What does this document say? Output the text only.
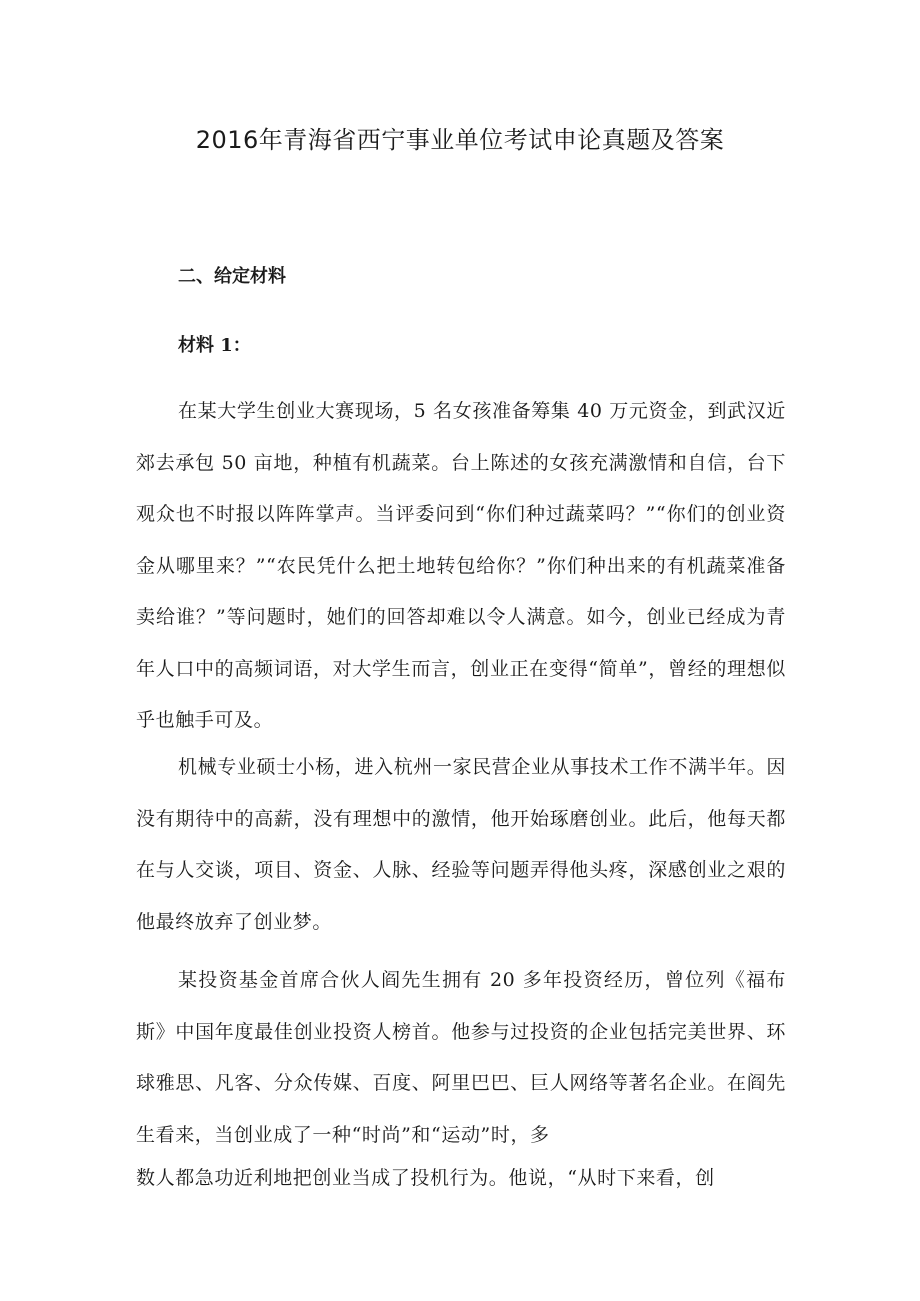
2016年青海省西宁事业单位考试申论真题及答案

二、给定材料

材料 1：

在某大学生创业大赛现场，5 名女孩准备筹集 40 万元资金，到武汉近郊去承包 50 亩地，种植有机蔬菜。台上陈述的女孩充满激情和自信，台下观众也不时报以阵阵掌声。当评委问到“你们种过蔬菜吗？”“你们的创业资金从哪里来？”“农民凭什么把土地转包给你？”你们种出来的有机蔬菜准备卖给谁？”等问题时，她们的回答却难以令人满意。如今，创业已经成为青年人口中的高频词语，对大学生而言，创业正在变得“简单”，曾经的理想似乎也触手可及。

机械专业硕士小杨，进入杭州一家民营企业从事技术工作不满半年。因没有期待中的高薪，没有理想中的激情，他开始琢磨创业。此后，他每天都在与人交谈，项目、资金、人脉、经验等问题弄得他头疼，深感创业之艰的他最终放弃了创业梦。

某投资基金首席合伙人阎先生拥有 20 多年投资经历，曾位列《福布斯》中国年度最佳创业投资人榜首。他参与过投资的企业包括完美世界、环球雅思、凡客、分众传媒、百度、阿里巴巴、巨人网络等著名企业。在阎先生看来，当创业成了一种“时尚”和“运动”时，多

数人都急功近利地把创业当成了投机行为。他说，“从时下来看，创
